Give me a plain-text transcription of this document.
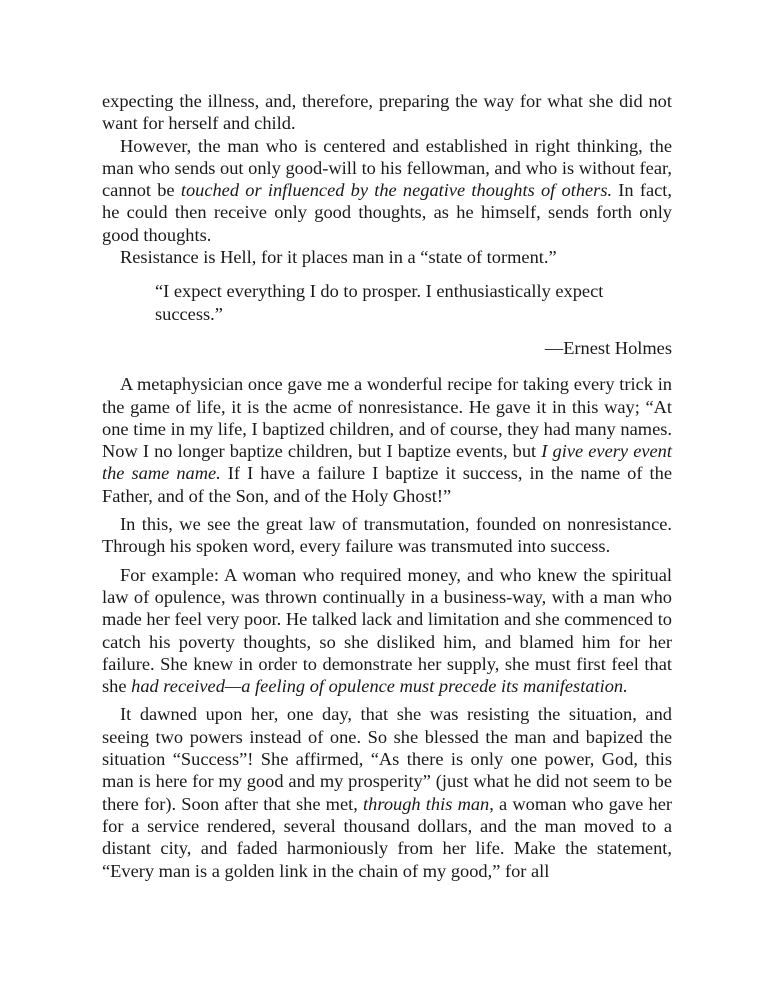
expecting the illness, and, therefore, preparing the way for what she did not want for herself and child.

However, the man who is centered and established in right thinking, the man who sends out only good-will to his fellowman, and who is without fear, cannot be touched or influenced by the negative thoughts of others. In fact, he could then receive only good thoughts, as he himself, sends forth only good thoughts.

Resistance is Hell, for it places man in a “state of torment.”

“I expect everything I do to prosper. I enthusiastically expect success.”

—Ernest Holmes

A metaphysician once gave me a wonderful recipe for taking every trick in the game of life, it is the acme of nonresistance. He gave it in this way; “At one time in my life, I baptized children, and of course, they had many names. Now I no longer baptize children, but I baptize events, but I give every event the same name. If I have a failure I baptize it success, in the name of the Father, and of the Son, and of the Holy Ghost!”

In this, we see the great law of transmutation, founded on nonresistance. Through his spoken word, every failure was transmuted into success.

For example: A woman who required money, and who knew the spiritual law of opulence, was thrown continually in a business-way, with a man who made her feel very poor. He talked lack and limitation and she commenced to catch his poverty thoughts, so she disliked him, and blamed him for her failure. She knew in order to demonstrate her supply, she must first feel that she had received—a feeling of opulence must precede its manifestation.

It dawned upon her, one day, that she was resisting the situation, and seeing two powers instead of one. So she blessed the man and bapized the situation “Success”! She affirmed, “As there is only one power, God, this man is here for my good and my prosperity” (just what he did not seem to be there for). Soon after that she met, through this man, a woman who gave her for a service rendered, several thousand dollars, and the man moved to a distant city, and faded harmoniously from her life. Make the statement, “Every man is a golden link in the chain of my good,” for all
